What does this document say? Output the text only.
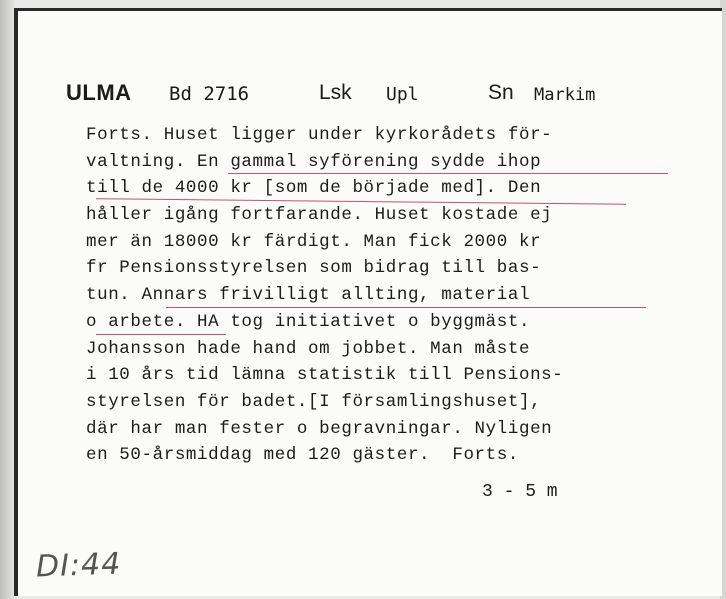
ULMA Bd 2716	Lsk Upl	Sn Markim
Forts. Huset ligger under kyrkorådets för-
valtning. En gammal syförening sydde ihop
till de 4000 kr [som de började med]. Den
håller igång fortfarande. Huset kostade ej
mer än 18000 kr färdigt. Man fick 2000 kr
fr Pensionsstyrelsen som bidrag till bas-
tun. Annars frivilligt allting, material
o arbete. HA tog initiativet o byggmäst.
Johansson hade hand om jobbet. Man måste
i 10 års tid lämna statistik till Pensions-
styrelsen för badet.[I församlingshuset],
där har man fester o begravningar. Nyligen
en 50-årsmiddag med 120 gäster.  Forts.
3 - 5 m
DI:44
